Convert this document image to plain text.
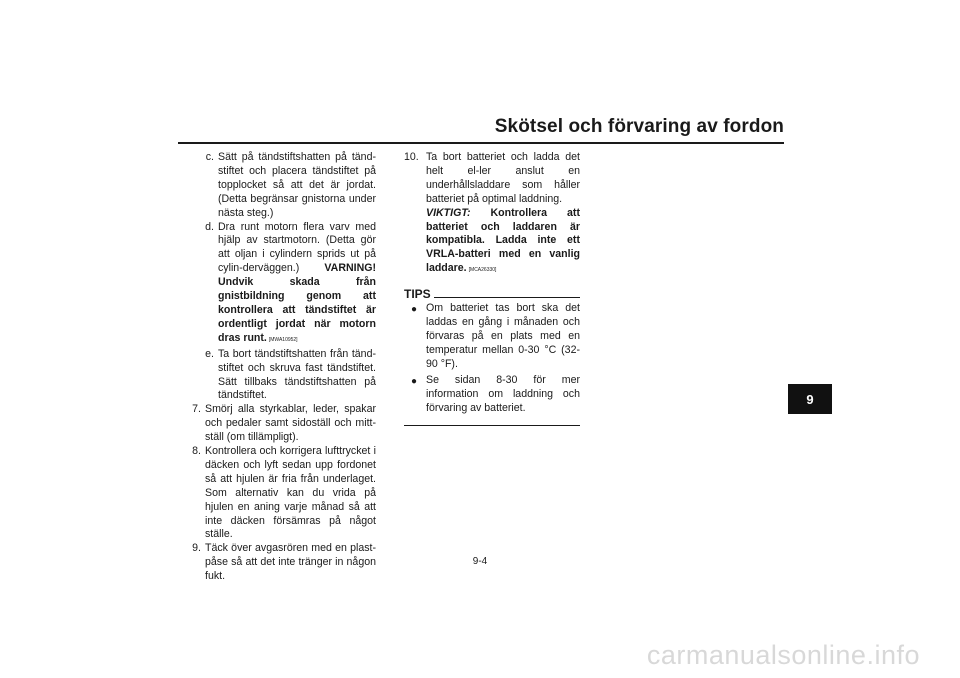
Skötsel och förvaring av fordon
9
c. Sätt på tändstiftshatten på tänd-stiftet och placera tändstiftet på topplocket så att det är jordat. (Detta begränsar gnistorna under nästa steg.)
d. Dra runt motorn flera varv med hjälp av startmotorn. (Detta gör att oljan i cylindern sprids ut på cylin-derväggen.) VARNING! Undvik skada från gnistbildning genom att kontrollera att tändstiftet är ordentligt jordat när motorn dras runt. [MWA10952]
e. Ta bort tändstiftshatten från tänd-stiftet och skruva fast tändstiftet. Sätt tillbaks tändstiftshatten på tändstiftet.
7. Smörj alla styrkablar, leder, spakar och pedaler samt sidoställ och mitt-ställ (om tillämpligt).
8. Kontrollera och korrigera lufttrycket i däcken och lyft sedan upp fordonet så att hjulen är fria från underlaget. Som alternativ kan du vrida på hjulen en aning varje månad så att inte däcken försämras på något ställe.
9. Täck över avgasrören med en plast-påse så att det inte tränger in någon fukt.
10. Ta bort batteriet och ladda det helt el-ler anslut en underhållsladdare som håller batteriet på optimal laddning.
VIKTIGT: Kontrollera att batteriet och laddaren är kompatibla. Ladda inte ett VRLA-batteri med en vanlig laddare. [MCA26330]
TIPS
● Om batteriet tas bort ska det laddas en gång i månaden och förvaras på en plats med en temperatur mellan 0-30 °C (32-90 °F).
● Se sidan 8-30 för mer information om laddning och förvaring av batteriet.
9-4
carmanualsonline.info
